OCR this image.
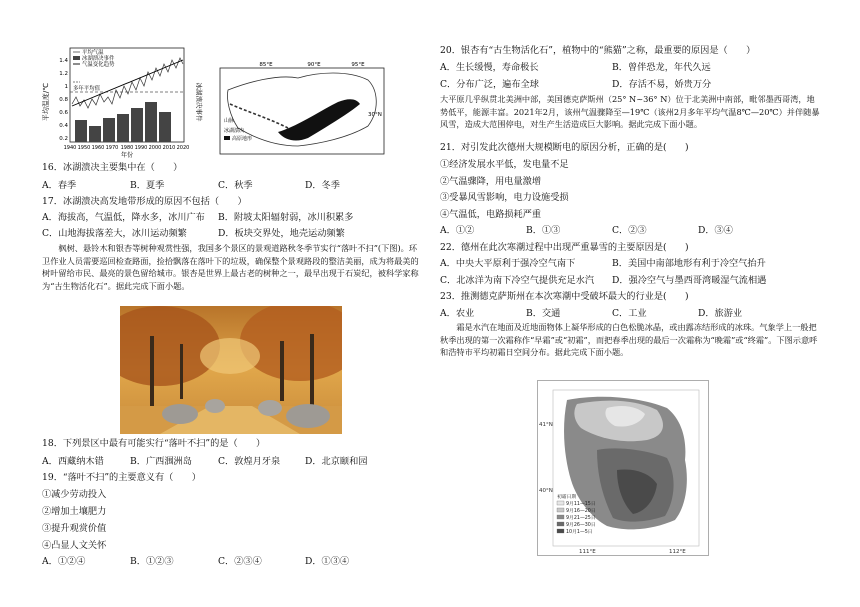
平均温度/℃
平均气温
冰湖溃决事件
气温变化趋势
多年平均值
0.2
0.4
0.6
0.8
1
1.2
1.4
1940 1950 1960 1970 1980 1990 2000 2010 2020
年份
冰湖溃决事件
85°E	90°E	95°E
30°N
山脉
冰湖溃决
高原地形
16．冰湖溃决主要集中在（　　）
A．春季	B．夏季	C．秋季	D．冬季
17．冰湖溃决高发地带形成的原因不包括（　　）
A．海拔高，气温低，降水多，冰川广布 B．附坡太阳辐射弱，冰川积累多
C．山地海拔落差大，冰川运动频繁	D．板块交界处，地壳运动频繁
枫树、悬铃木和银杏等树种观赏性强，我国多个景区的景观道路秋冬季节实行“落叶不扫”(下图)。环卫作业人员需要巡回检查路面，捡拾飘落在落叶下的垃圾，确保整个景观路段的整洁美丽，成为将最美的树叶留给市民、最亮的景色留给城市。银杏是世界上最古老的树种之一，最早出现于石炭纪，被科学家称为“古生物活化石”。据此完成下面小题。
18．下列景区中最有可能实行“落叶不扫”的是（　　）
A．西藏纳木错	B．广西涠洲岛	C．敦煌月牙泉	D．北京颐和园
19．“落叶不扫”的主要意义有（　　）
①减少劳动投入
②增加土壤肥力
③提升观赏价值
④凸显人文关怀
A．①②④	B．①②③	C．②③④	D．①③④
20．银杏有“古生物活化石”，植物中的“熊猫”之称，最重要的原因是（　　）
A．生长缓慢，寿命极长	B．曾伴恐龙，年代久远
C．分布广泛，遍布全球	D．存活不易，娇贵万分
大平原几乎纵贯北美洲中部，美国德克萨斯州（25° N~36° N）位于北美洲中南部，毗邻墨西哥湾，地势低平，能源丰富。2021年2月，该州气温骤降至—19℃（该州2月多年平均气温8℃—20℃）并伴随暴风雪，造成大范围停电，对生产生活造成巨大影响。据此完成下面小题。
21．对引发此次德州大规模断电的原因分析，正确的是(　　)
①经济发展水平低，发电量不足
②气温骤降，用电量激增
③受暴风雪影响，电力设施受损
④气温低，电路损耗严重
A．①②	B．①③	C．②③	D．③④
22．德州在此次寒潮过程中出现严重暴雪的主要原因是(　　)
A．中央大平原利于强冷空气南下	B．美国中南部地形有利于冷空气抬升
C．北冰洋为南下冷空气提供充足水汽 D．强冷空气与墨西哥湾暖湿气流相遇
23．推测德克萨斯州在本次寒潮中受破坏最大的行业是(　　)
A．农业	B．交通	C．工业	D．旅游业
霜是水汽在地面及近地面物体上凝华形成的白色松脆冰晶，或由露冻结形成的冰珠。气象学上一般把秋季出现的第一次霜称作“早霜”或“初霜”，而把春季出现的最后一次霜称为“晚霜”或“终霜”。下图示意呼和浩特市平均初霜日空间分布。据此完成下面小题。
41°N
40°N
111°E	112°E
初霜日期
9月11—15日
9月16—20日
9月21—25日
9月26—30日
10月1—5日
